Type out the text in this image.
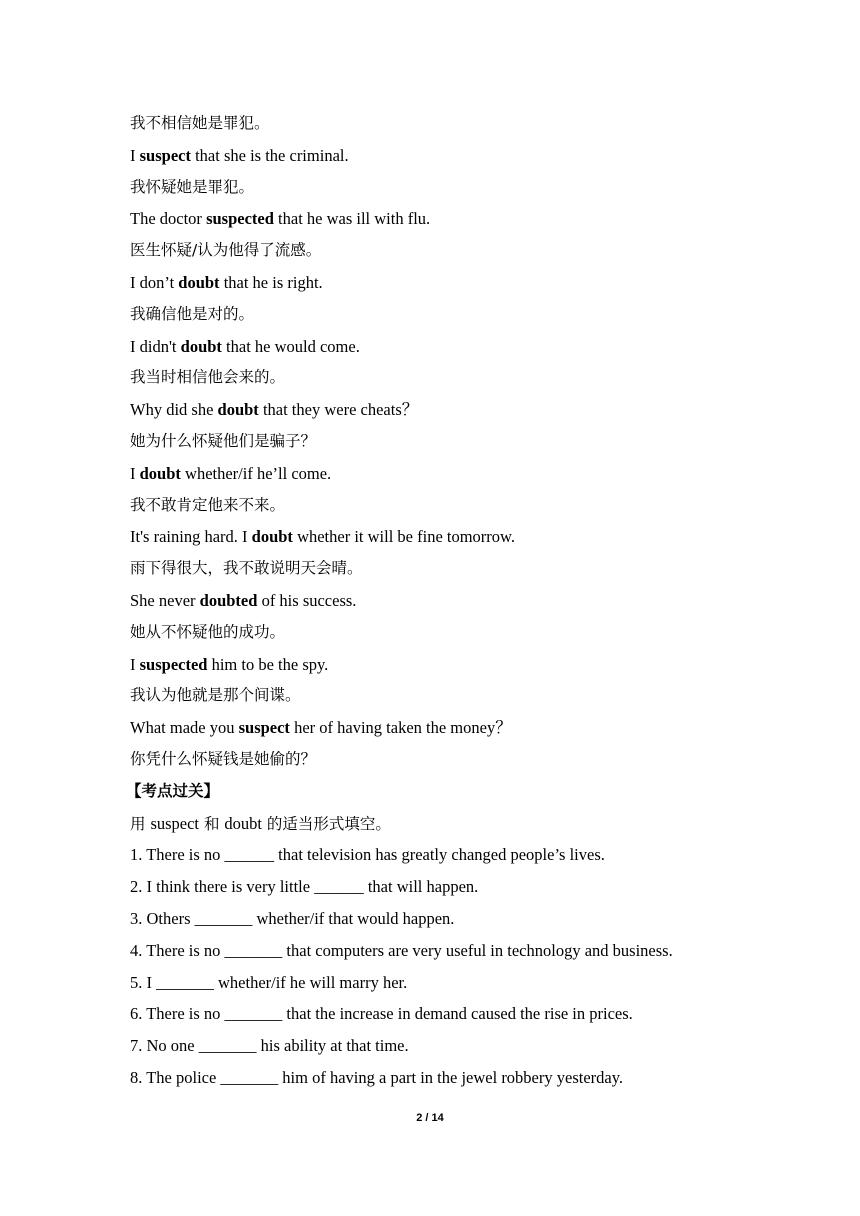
我不相信她是罪犯。
I suspect that she is the criminal.
我怀疑她是罪犯。
The doctor suspected that he was ill with flu.
医生怀疑/认为他得了流感。
I don’t doubt that he is right.
我确信他是对的。
I didn't doubt that he would come.
我当时相信他会来的。
Why did she doubt that they were cheats？
她为什么怀疑他们是骗子？
I doubt whether/if he’ll come.
我不敢肯定他来不来。
It's raining hard. I doubt whether it will be fine tomorrow.
雨下得很大，我不敢说明天会晴。
She never doubted of his success.
她从不怀疑他的成功。
I suspected him to be the spy.
我认为他就是那个间谍。
What made you suspect her of having taken the money？
你凭什么怀疑钱是她偷的？
【考点过关】
用 suspect 和 doubt 的适当形式填空。
1. There is no ______ that television has greatly changed people’s lives.
2. I think there is very little ______ that will happen.
3. Others _______ whether/if that would happen.
4. There is no _______ that computers are very useful in technology and business.
5. I _______ whether/if he will marry her.
6. There is no _______ that the increase in demand caused the rise in prices.
7. No one _______ his ability at that time.
8. The police _______ him of having a part in the jewel robbery yesterday.
2 / 14
